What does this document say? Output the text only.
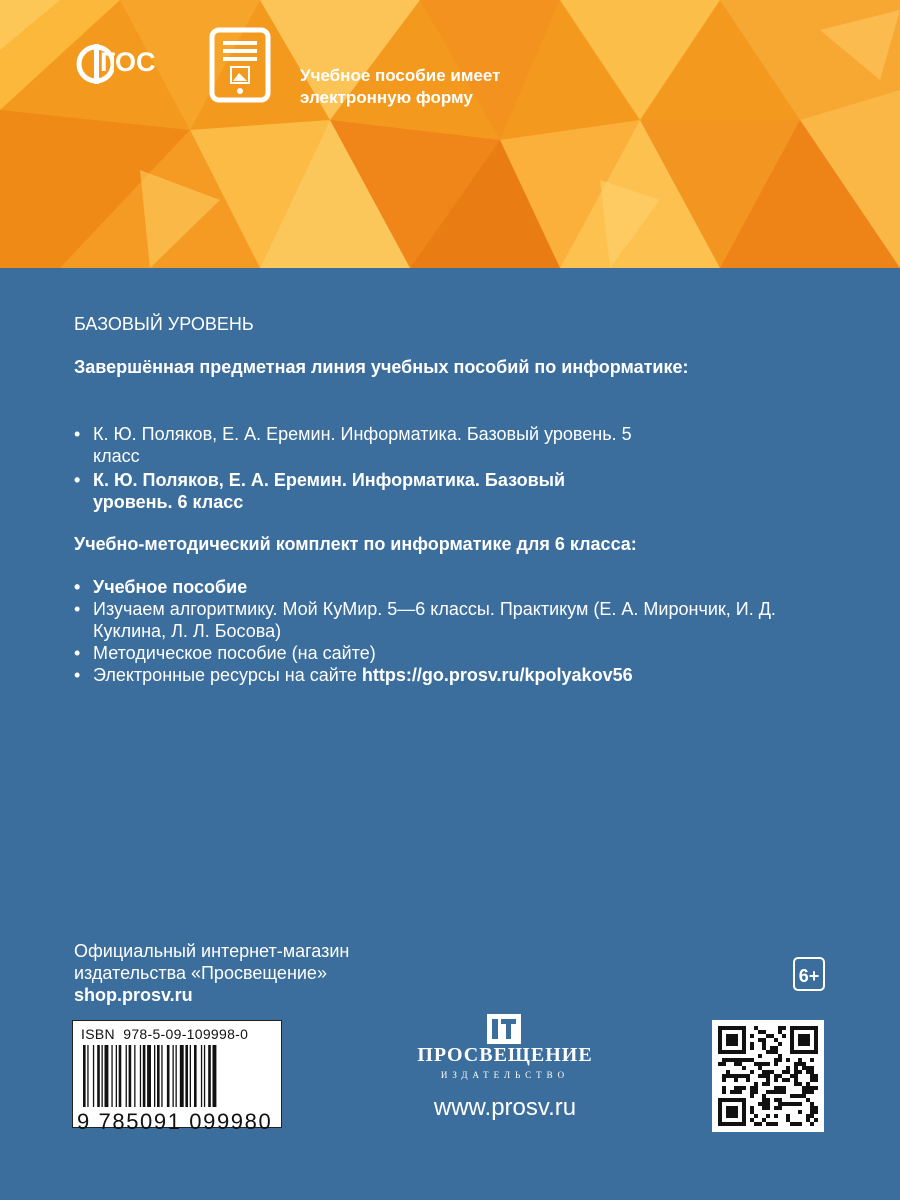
ГОС	Учебное пособие имеет электронную форму
БАЗОВЫЙ УРОВЕНЬ
Завершённая предметная линия учебных пособий по информатике:
• К. Ю. Поляков, Е. А. Еремин. Информатика. Базовый уровень. 5 класс
• К. Ю. Поляков, Е. А. Еремин. Информатика. Базовый уровень. 6 класс
Учебно-методический комплект по информатике для 6 класса:
• Учебное пособие
• Изучаем алгоритмику. Мой КуМир. 5—6 классы. Практикум (Е. А. Мирончик, И. Д. Куклина, Л. Л. Босова)
• Методическое пособие (на сайте)
• Электронные ресурсы на сайте https://go.prosv.ru/kpolyakov56
Официальный интернет-магазин
издательства «Просвещение»
shop.prosv.ru
6+
ISBN  978-5-09-109998-0
9 785091 099980
ПРОСВЕЩЕНИЕ
ИЗДАТЕЛЬСТВО
www.prosv.ru
